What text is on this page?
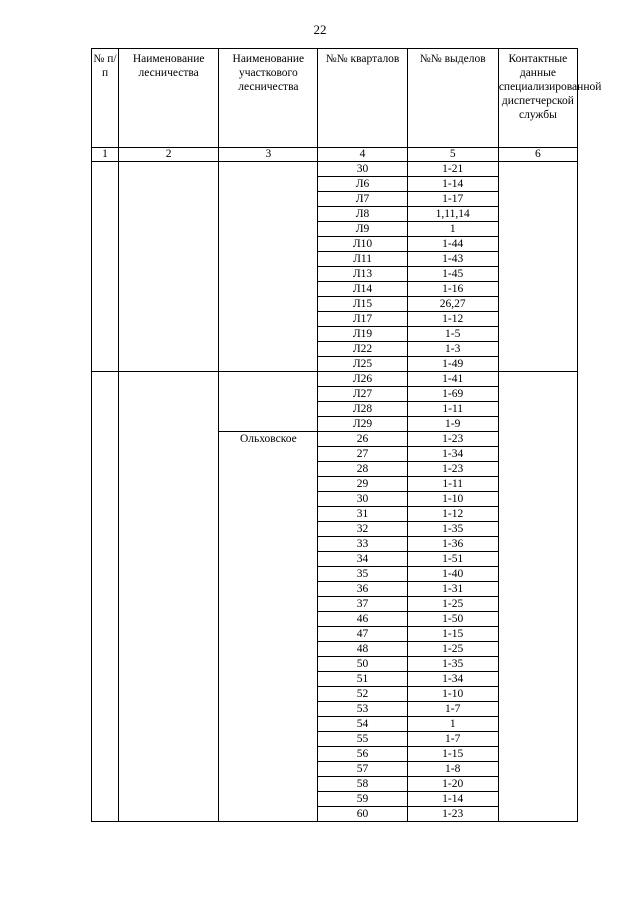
22
№ п/п	Наименование лесничества	Наименование участкового лесничества	№№ кварталов	№№ выделов	Контактные данные специализированной диспетчерской службы
1	2	3	4	5	6
			30	1-21	
			Л6	1-14	
			Л7	1-17	
			Л8	1,11,14	
			Л9	1	
			Л10	1-44	
			Л11	1-43	
			Л13	1-45	
			Л14	1-16	
			Л15	26,27	
			Л17	1-12	
			Л19	1-5	
			Л22	1-3	
			Л25	1-49	
			Л26	1-41	
			Л27	1-69	
			Л28	1-11	
			Л29	1-9	
		Ольховское	26	1-23	
			27	1-34	
			28	1-23	
			29	1-11	
			30	1-10	
			31	1-12	
			32	1-35	
			33	1-36	
			34	1-51	
			35	1-40	
			36	1-31	
			37	1-25	
			46	1-50	
			47	1-15	
			48	1-25	
			50	1-35	
			51	1-34	
			52	1-10	
			53	1-7	
			54	1	
			55	1-7	
			56	1-15	
			57	1-8	
			58	1-20	
			59	1-14	
			60	1-23	
